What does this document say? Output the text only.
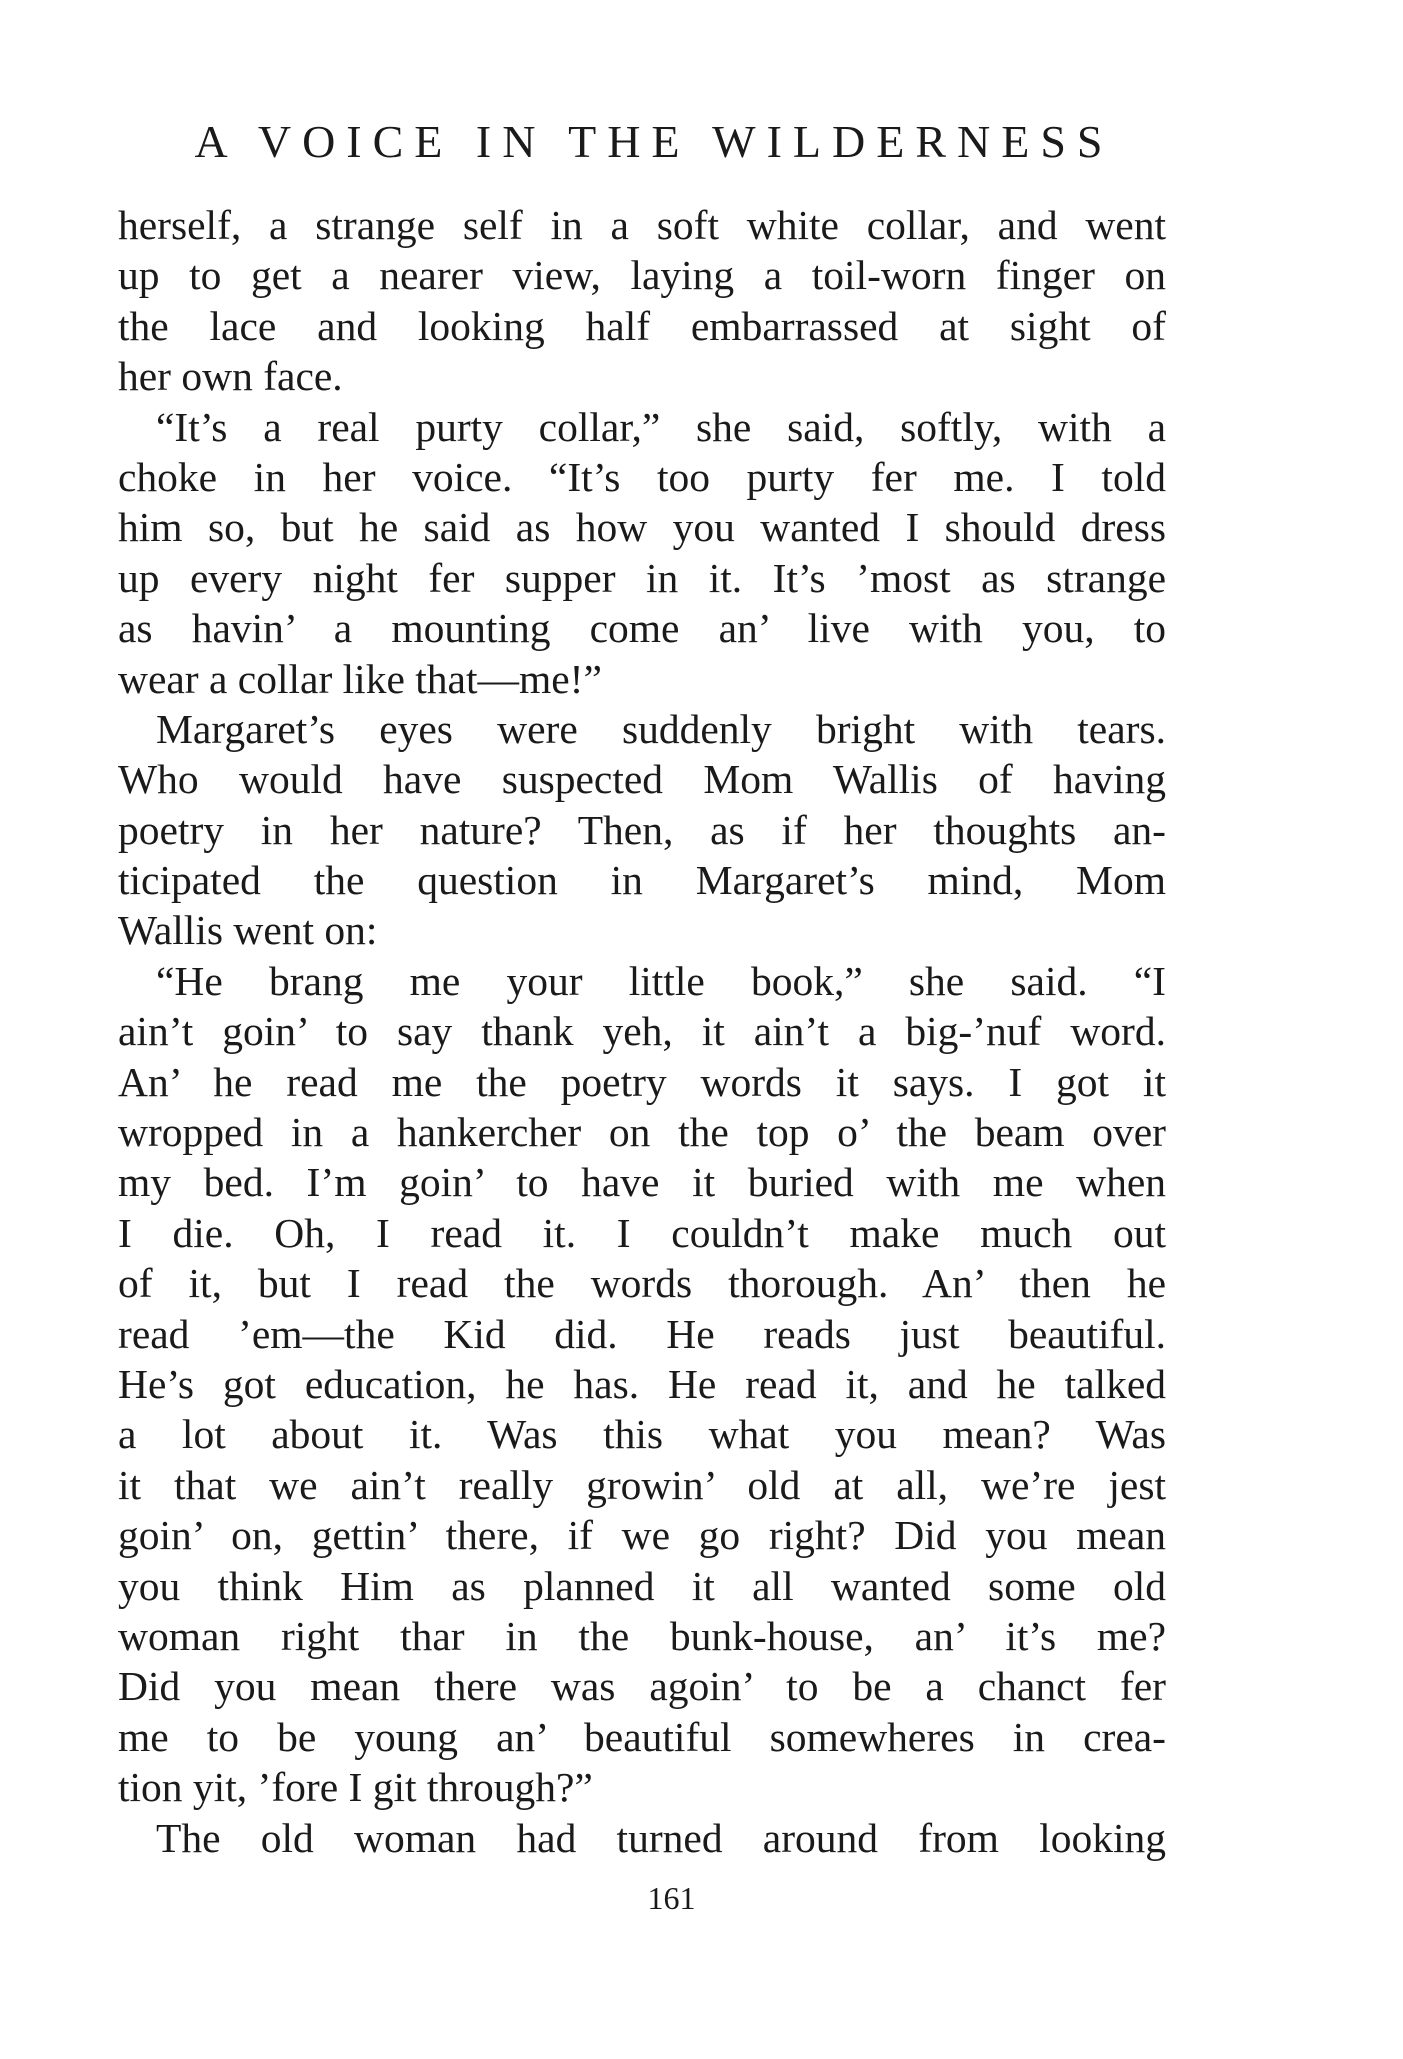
A VOICE IN THE WILDERNESS
herself, a strange self in a soft white collar, and went
up to get a nearer view, laying a toil-worn finger on
the lace and looking half embarrassed at sight of
her own face.
“It’s a real purty collar,” she said, softly, with a
choke in her voice. “It’s too purty fer me. I told
him so, but he said as how you wanted I should dress
up every night fer supper in it. It’s ’most as strange
as havin’ a mounting come an’ live with you, to
wear a collar like that—me!”
Margaret’s eyes were suddenly bright with tears.
Who would have suspected Mom Wallis of having
poetry in her nature? Then, as if her thoughts an-
ticipated the question in Margaret’s mind, Mom
Wallis went on:
“He brang me your little book,” she said. “I
ain’t goin’ to say thank yeh, it ain’t a big-’nuf word.
An’ he read me the poetry words it says. I got it
wropped in a hankercher on the top o’ the beam over
my bed. I’m goin’ to have it buried with me when
I die. Oh, I read it. I couldn’t make much out
of it, but I read the words thorough. An’ then he
read ’em—the Kid did. He reads just beautiful.
He’s got education, he has. He read it, and he talked
a lot about it. Was this what you mean? Was
it that we ain’t really growin’ old at all, we’re jest
goin’ on, gettin’ there, if we go right? Did you mean
you think Him as planned it all wanted some old
woman right thar in the bunk-house, an’ it’s me?
Did you mean there was agoin’ to be a chanct fer
me to be young an’ beautiful somewheres in crea-
tion yit, ’fore I git through?”
The old woman had turned around from looking
161
